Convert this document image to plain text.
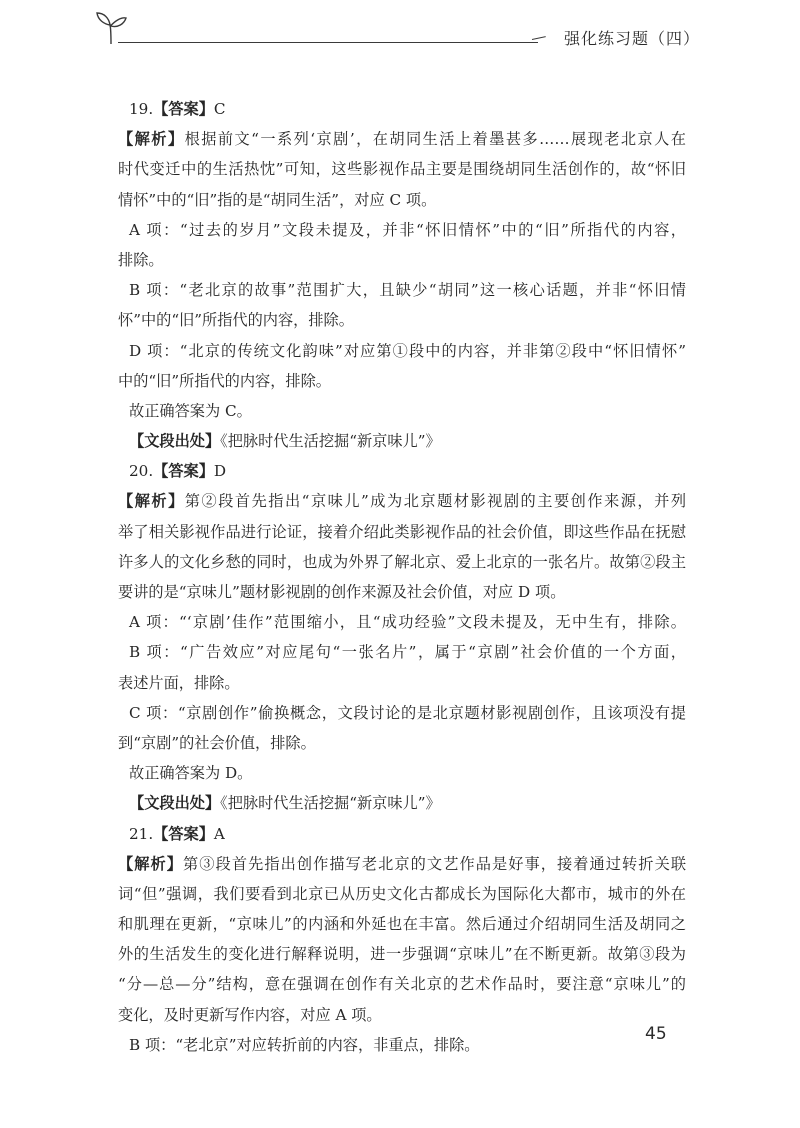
强化练习题（四）
19.【答案】C
【解析】根据前文“一系列‘京剧’，在胡同生活上着墨甚多……展现老北京人在
时代变迁中的生活热忱”可知，这些影视作品主要是围绕胡同生活创作的，故“怀旧
情怀”中的“旧”指的是“胡同生活”，对应 C 项。
A 项：“过去的岁月”文段未提及，并非“怀旧情怀”中的“旧”所指代的内容，
排除。
B 项：“老北京的故事”范围扩大，且缺少“胡同”这一核心话题，并非“怀旧情
怀”中的“旧”所指代的内容，排除。
D 项：“北京的传统文化韵味”对应第①段中的内容，并非第②段中“怀旧情怀”
中的“旧”所指代的内容，排除。
故正确答案为 C。
【文段出处】《把脉时代生活挖掘“新京味儿”》
20.【答案】D
【解析】第②段首先指出“京味儿”成为北京题材影视剧的主要创作来源，并列
举了相关影视作品进行论证，接着介绍此类影视作品的社会价值，即这些作品在抚慰
许多人的文化乡愁的同时，也成为外界了解北京、爱上北京的一张名片。故第②段主
要讲的是“京味儿”题材影视剧的创作来源及社会价值，对应 D 项。
A 项：“‘京剧’佳作”范围缩小，且“成功经验”文段未提及，无中生有，排除。
B 项：“广告效应”对应尾句“一张名片”，属于“京剧”社会价值的一个方面，
表述片面，排除。
C 项：“京剧创作”偷换概念，文段讨论的是北京题材影视剧创作，且该项没有提
到“京剧”的社会价值，排除。
故正确答案为 D。
【文段出处】《把脉时代生活挖掘“新京味儿”》
21.【答案】A
【解析】第③段首先指出创作描写老北京的文艺作品是好事，接着通过转折关联
词“但”强调，我们要看到北京已从历史文化古都成长为国际化大都市，城市的外在
和肌理在更新，“京味儿”的内涵和外延也在丰富。然后通过介绍胡同生活及胡同之
外的生活发生的变化进行解释说明，进一步强调“京味儿”在不断更新。故第③段为
“分—总—分”结构，意在强调在创作有关北京的艺术作品时，要注意“京味儿”的
变化，及时更新写作内容，对应 A 项。
B 项：“老北京”对应转折前的内容，非重点，排除。
45
